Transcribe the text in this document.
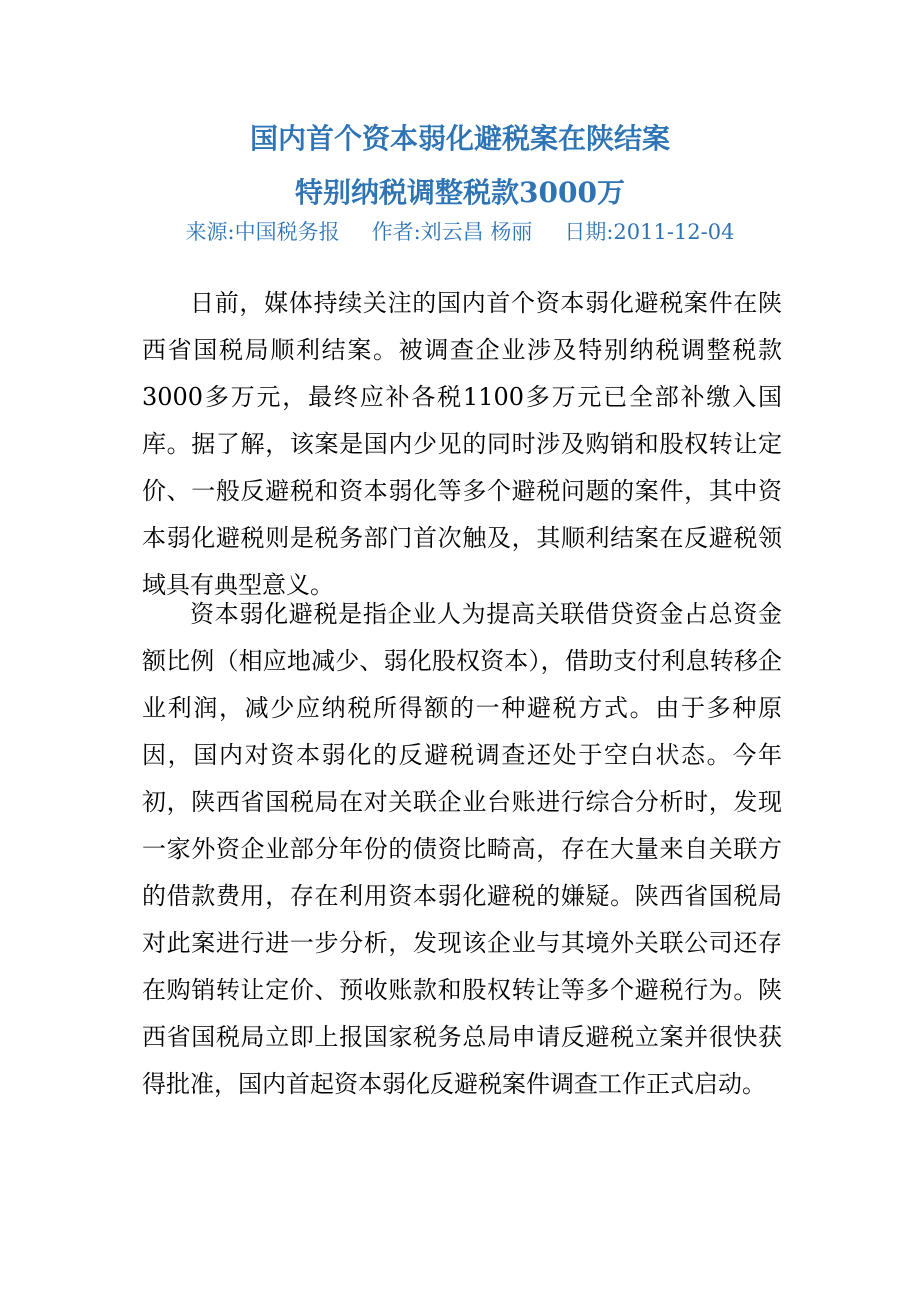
国内首个资本弱化避税案在陕结案
特别纳税调整税款3000万
来源:中国税务报 作者:刘云昌 杨丽 日期:2011-12-04

日前，媒体持续关注的国内首个资本弱化避税案件在陕西省国税局顺利结案。被调查企业涉及特别纳税调整税款3000多万元，最终应补各税1100多万元已全部补缴入国库。据了解，该案是国内少见的同时涉及购销和股权转让定价、一般反避税和资本弱化等多个避税问题的案件，其中资本弱化避税则是税务部门首次触及，其顺利结案在反避税领域具有典型意义。

资本弱化避税是指企业人为提高关联借贷资金占总资金额比例（相应地减少、弱化股权资本），借助支付利息转移企业利润，减少应纳税所得额的一种避税方式。由于多种原因，国内对资本弱化的反避税调查还处于空白状态。今年初，陕西省国税局在对关联企业台账进行综合分析时，发现一家外资企业部分年份的债资比畸高，存在大量来自关联方的借款费用，存在利用资本弱化避税的嫌疑。陕西省国税局对此案进行进一步分析，发现该企业与其境外关联公司还存在购销转让定价、预收账款和股权转让等多个避税行为。陕西省国税局立即上报国家税务总局申请反避税立案并很快获得批准，国内首起资本弱化反避税案件调查工作正式启动。
